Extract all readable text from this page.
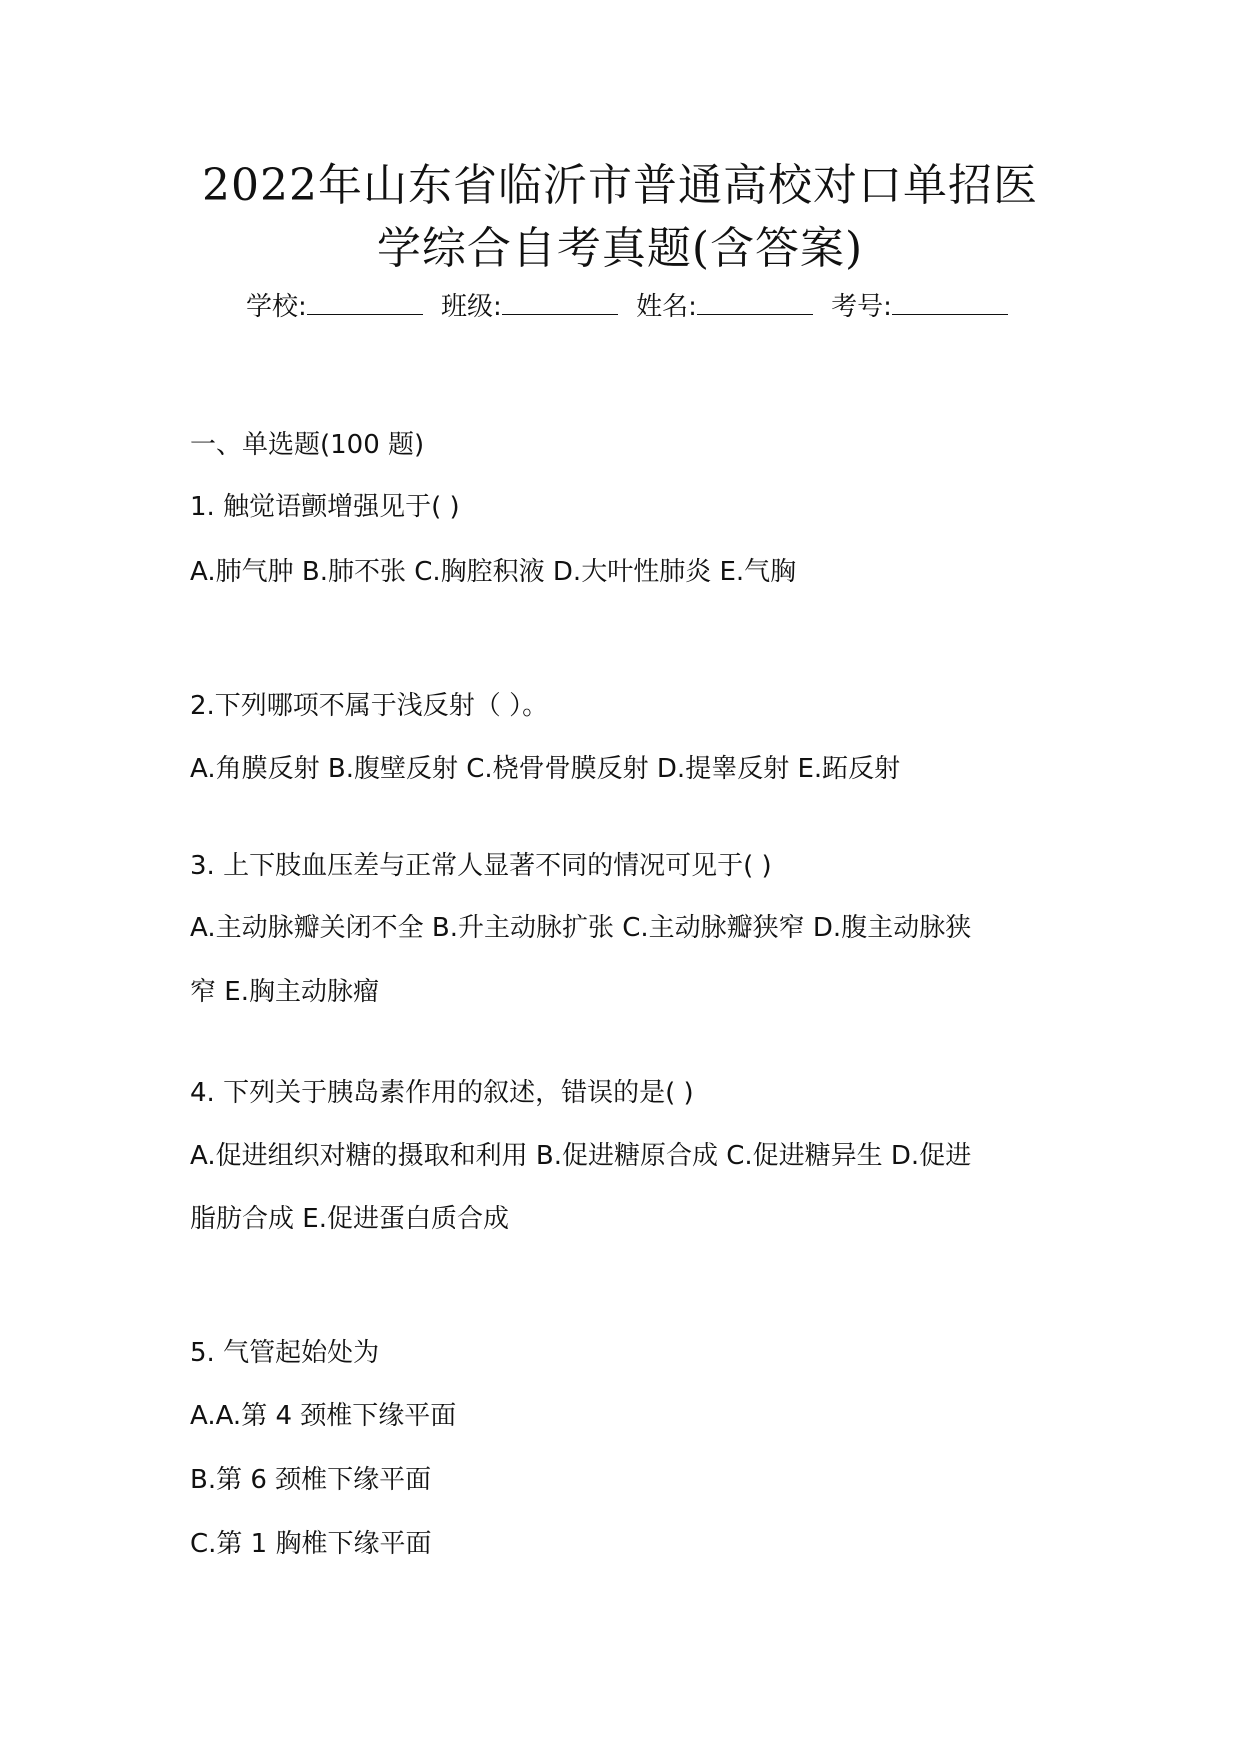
2022年山东省临沂市普通高校对口单招医
学综合自考真题(含答案)
学校:	班级:	姓名:	考号:
一、单选题(100 题)
1. 触觉语颤增强见于( )
A.肺气肿 B.肺不张 C.胸腔积液 D.大叶性肺炎 E.气胸
2.下列哪项不属于浅反射（ ）。
A.角膜反射 B.腹壁反射 C.桡骨骨膜反射 D.提睾反射 E.跖反射
3. 上下肢血压差与正常人显著不同的情况可见于( )
A.主动脉瓣关闭不全 B.升主动脉扩张 C.主动脉瓣狭窄 D.腹主动脉狭
窄 E.胸主动脉瘤
4. 下列关于胰岛素作用的叙述，错误的是( )
A.促进组织对糖的摄取和利用 B.促进糖原合成 C.促进糖异生 D.促进
脂肪合成 E.促进蛋白质合成
5. 气管起始处为
A.A.第 4 颈椎下缘平面
B.第 6 颈椎下缘平面
C.第 1 胸椎下缘平面
